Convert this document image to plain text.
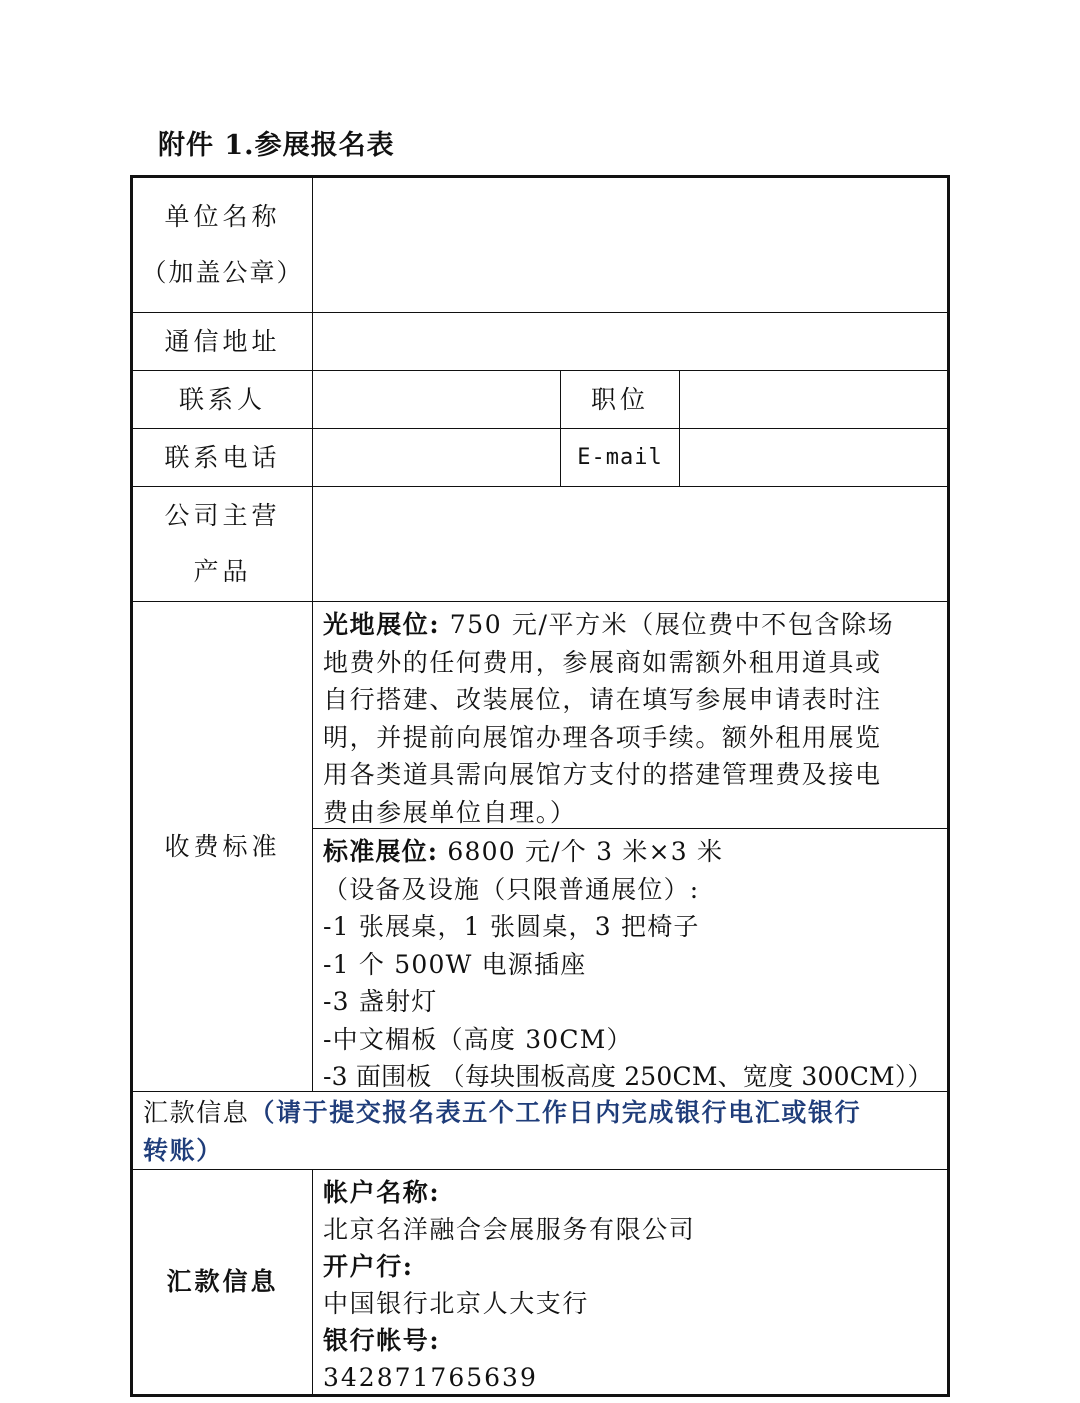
附件 1.参展报名表
单位名称
（加盖公章）
通信地址
联系人	职位
联系电话	E-mail
公司主营
产品
收费标准
光地展位: 750 元/平方米（展位费中不包含除场
地费外的任何费用，参展商如需额外租用道具或
自行搭建、改装展位，请在填写参展申请表时注
明，并提前向展馆办理各项手续。额外租用展览
用各类道具需向展馆方支付的搭建管理费及接电
费由参展单位自理。）
标准展位: 6800 元/个 3 米×3 米
（设备及设施（只限普通展位）:
-1 张展桌，1 张圆桌，3 把椅子
-1 个 500W 电源插座
-3 盏射灯
-中文楣板（高度 30CM）
-3 面围板 （每块围板高度 250CM、宽度 300CM））
汇款信息（请于提交报名表五个工作日内完成银行电汇或银行
转账）
汇款信息
帐户名称:
北京名洋融合会展服务有限公司
开户行:
中国银行北京人大支行
银行帐号:
342871765639
